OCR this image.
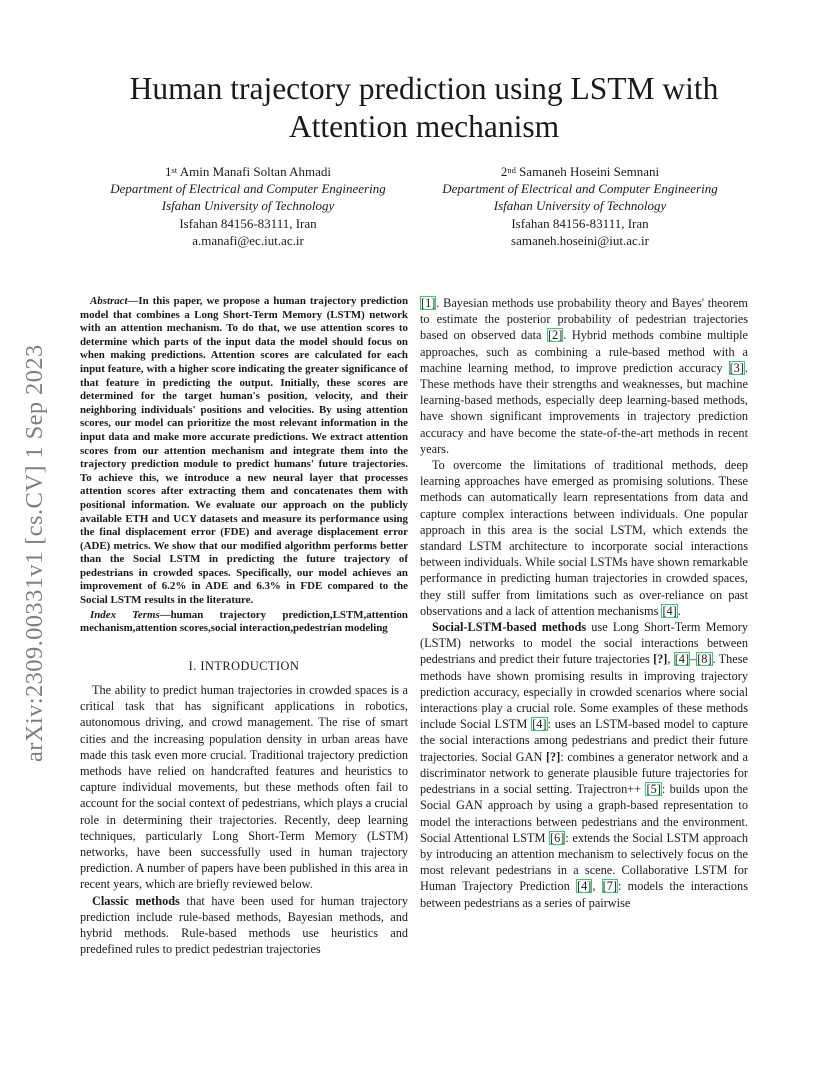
arXiv:2309.00331v1 [cs.CV] 1 Sep 2023
Human trajectory prediction using LSTM with Attention mechanism
1st Amin Manafi Soltan Ahmadi
Department of Electrical and Computer Engineering
Isfahan University of Technology
Isfahan 84156-83111, Iran
a.manafi@ec.iut.ac.ir
2nd Samaneh Hoseini Semnani
Department of Electrical and Computer Engineering
Isfahan University of Technology
Isfahan 84156-83111, Iran
samaneh.hoseini@iut.ac.ir

Abstract—In this paper, we propose a human trajectory prediction model that combines a Long Short-Term Memory (LSTM) network with an attention mechanism. To do that, we use attention scores to determine which parts of the input data the model should focus on when making predictions. Attention scores are calculated for each input feature, with a higher score indicating the greater significance of that feature in predicting the output. Initially, these scores are determined for the target human's position, velocity, and their neighboring individuals' positions and velocities. By using attention scores, our model can prioritize the most relevant information in the input data and make more accurate predictions. We extract attention scores from our attention mechanism and integrate them into the trajectory prediction module to predict humans' future trajectories. To achieve this, we introduce a new neural layer that processes attention scores after extracting them and concatenates them with positional information. We evaluate our approach on the publicly available ETH and UCY datasets and measure its performance using the final displacement error (FDE) and average displacement error (ADE) metrics. We show that our modified algorithm performs better than the Social LSTM in predicting the future trajectory of pedestrians in crowded spaces. Specifically, our model achieves an improvement of 6.2% in ADE and 6.3% in FDE compared to the Social LSTM results in the literature.

Index Terms—human trajectory prediction,LSTM,attention mechanism,attention scores,social interaction,pedestrian modeling

I. INTRODUCTION

The ability to predict human trajectories in crowded spaces is a critical task that has significant applications in robotics, autonomous driving, and crowd management. The rise of smart cities and the increasing population density in urban areas have made this task even more crucial. Traditional trajectory prediction methods have relied on handcrafted features and heuristics to capture individual movements, but these methods often fail to account for the social context of pedestrians, which plays a crucial role in determining their trajectories. Recently, deep learning techniques, particularly Long Short-Term Memory (LSTM) networks, have been successfully used in human trajectory prediction. A number of papers have been published in this area in recent years, which are briefly reviewed below.

Classic methods that have been used for human trajectory prediction include rule-based methods, Bayesian methods, and hybrid methods. Rule-based methods use heuristics and predefined rules to predict pedestrian trajectories

[1]. Bayesian methods use probability theory and Bayes' theorem to estimate the posterior probability of pedestrian trajectories based on observed data [2]. Hybrid methods combine multiple approaches, such as combining a rule-based method with a machine learning method, to improve prediction accuracy [3]. These methods have their strengths and weaknesses, but machine learning-based methods, especially deep learning-based methods, have shown significant improvements in trajectory prediction accuracy and have become the state-of-the-art methods in recent years.

To overcome the limitations of traditional methods, deep learning approaches have emerged as promising solutions. These methods can automatically learn representations from data and capture complex interactions between individuals. One popular approach in this area is the social LSTM, which extends the standard LSTM architecture to incorporate social interactions between individuals. While social LSTMs have shown remarkable performance in predicting human trajectories in crowded spaces, they still suffer from limitations such as over-reliance on past observations and a lack of attention mechanisms [4].

Social-LSTM-based methods use Long Short-Term Memory (LSTM) networks to model the social interactions between pedestrians and predict their future trajectories [?], [4]–[8]. These methods have shown promising results in improving trajectory prediction accuracy, especially in crowded scenarios where social interactions play a crucial role. Some examples of these methods include Social LSTM [4]: uses an LSTM-based model to capture the social interactions among pedestrians and predict their future trajectories. Social GAN [?]: combines a generator network and a discriminator network to generate plausible future trajectories for pedestrians in a social setting. Trajectron++ [5]: builds upon the Social GAN approach by using a graph-based representation to model the interactions between pedestrians and the environment. Social Attentional LSTM [6]: extends the Social LSTM approach by introducing an attention mechanism to selectively focus on the most relevant pedestrians in a scene. Collaborative LSTM for Human Trajectory Prediction [4], [7]: models the interactions between pedestrians as a series of pairwise
